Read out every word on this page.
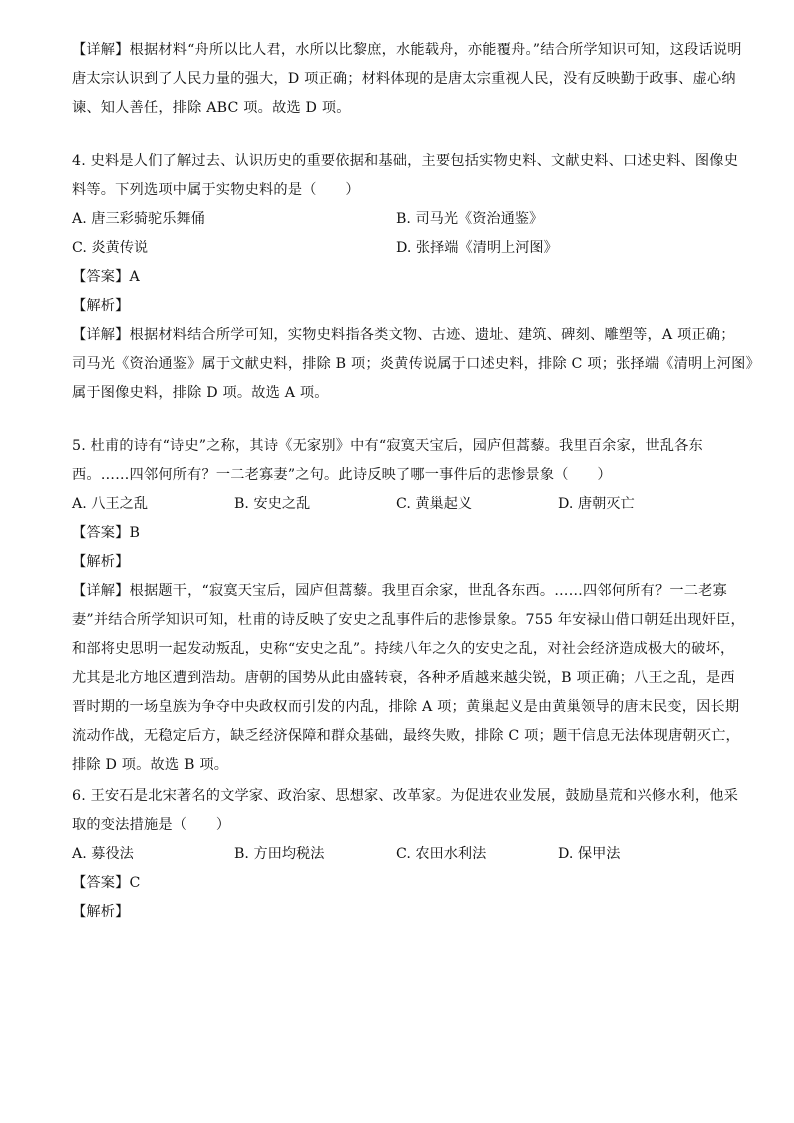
【详解】根据材料“舟所以比人君，水所以比黎庶，水能载舟，亦能覆舟。”结合所学知识可知，这段话说明
唐太宗认识到了人民力量的强大，D 项正确；材料体现的是唐太宗重视人民，没有反映勤于政事、虚心纳
谏、知人善任，排除 ABC 项。故选 D 项。
4. 史料是人们了解过去、认识历史的重要依据和基础，主要包括实物史料、文献史料、口述史料、图像史
料等。下列选项中属于实物史料的是（　　）
A. 唐三彩骑驼乐舞俑	B. 司马光《资治通鉴》
C. 炎黄传说	D. 张择端《清明上河图》
【答案】A
【解析】
【详解】根据材料结合所学可知，实物史料指各类文物、古迹、遗址、建筑、碑刻、雕塑等，A 项正确；
司马光《资治通鉴》属于文献史料，排除 B 项；炎黄传说属于口述史料，排除 C 项；张择端《清明上河图》
属于图像史料，排除 D 项。故选 A 项。
5. 杜甫的诗有“诗史”之称，其诗《无家别》中有“寂寞天宝后，园庐但蒿藜。我里百余家，世乱各东
西。……四邻何所有？一二老寡妻”之句。此诗反映了哪一事件后的悲惨景象（　　）
A. 八王之乱	B. 安史之乱	C. 黄巢起义	D. 唐朝灭亡
【答案】B
【解析】
【详解】根据题干，“寂寞天宝后，园庐但蒿藜。我里百余家，世乱各东西。……四邻何所有？一二老寡
妻”并结合所学知识可知，杜甫的诗反映了安史之乱事件后的悲惨景象。755 年安禄山借口朝廷出现奸臣，
和部将史思明一起发动叛乱，史称“安史之乱”。持续八年之久的安史之乱，对社会经济造成极大的破坏，
尤其是北方地区遭到浩劫。唐朝的国势从此由盛转衰，各种矛盾越来越尖锐，B 项正确；八王之乱，是西
晋时期的一场皇族为争夺中央政权而引发的内乱，排除 A 项；黄巢起义是由黄巢领导的唐末民变，因长期
流动作战，无稳定后方，缺乏经济保障和群众基础，最终失败，排除 C 项；题干信息无法体现唐朝灭亡，
排除 D 项。故选 B 项。
6. 王安石是北宋著名的文学家、政治家、思想家、改革家。为促进农业发展，鼓励垦荒和兴修水利，他采
取的变法措施是（　　）
A. 募役法	B. 方田均税法	C. 农田水利法	D. 保甲法
【答案】C
【解析】
